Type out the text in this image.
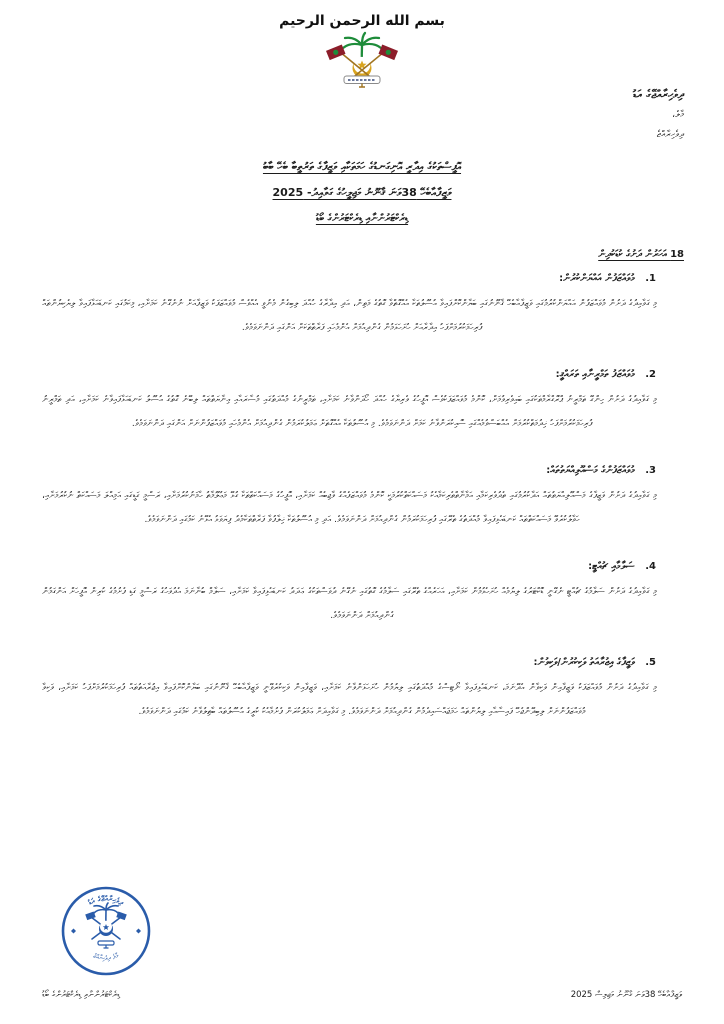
بسم الله الرحمن الرحيم
ދިވެހިރާއްޖޭގެ އަޑު
މާލެ،
ދިވެހިރާއްޖެ
އޮފީސްތަކުގެ އިދާރީ އޮނިގަނޑުގެ ހަމަތަކާއި ވަޒީފާގެ ތަރުތީބާ ބެހޭ ބާބު
ވަޒީފާއާބެހޭ 38ވަނަ ޤާނޫނު މަޖިލީހުގެ ގަވާއިދު- 2025
ޑިރެކްޓަރުންނާއި ޑިރެކްޓަރުންގެ ބޯޑު
18 އަހަރުން ދަށުގެ ކުޑަކުދިން
1. މުވައްޒަފުން އައްޔަންކުރުން:

މި ގަވާއިދުގެ ދަށުން މުވައްޒަފުން އައްޔަންކުރުމުގައި ވަޒީފާއާބެހޭ ޤާނޫނުގައި ބަޔާންކޮށްފައިވާ އުސޫލުތަކާ އެއްގޮތްވާ ގޮތުގެ މަތިން، އަދި އިދާރާގެ ހުއްދަ ލިބިގެން މެނުވީ އެއްވެސް މުވައްޒަފަކު ވަޒީފާއަށް ނުނެގޭނެ ކަމަށާއި، މިކަމުގައި ކަނޑައަޅާފައިވާ ލިޔެކިޔުންތައް ފުރިހަމަކުރުމަށްފަހު އިދާރާއަށް ހުށަހަޅަމުން ގެންދިއުމަށް އެންމެހައި ފަރާތްތަކަށް އަންގައި ދަންނަވަމެވެ.

2. މުވައްޒަފު ތަމްރީނާއި ތަރައްޤީ:

މި ގަވާއިދުގެ ދަށުން ހިންގޭ ތަމްރީނު ޕްރޮގްރާމްތަކުގައި ބައިވެރިވުމަށް، ކޮންމެ މުވައްޒަފަކުވެސް އޮފީހުގެ ވެރިޔާގެ ހުއްދަ ހޯދަންވާނެ ކަމަށާއި، ތަމްރީނުގެ މުއްދަތުގައި މުސާރައާއި ޢިނާޔަތްތައް ލިބޭނެ ގޮތުގެ އުސޫލު ކަނޑައަޅާފައިވާނެ ކަމަށާއި، އަދި ތަމްރީނު ފުރިހަމަކުރުމަށްފަހު ޚިދުމަތްކުރުމަށް އެއްބަސްވުމެއްގައި ސޮއިކުރަންވާނެ ކަމަށް ދަންނަވަމެވެ. މި އުސޫލުތަކާ އެއްގޮތަށް ޢަމަލުކުރަމުން ގެންދިއުމަށް އެންމެހައި މުވައްޒަފުންނަށް އަންގައި ދަންނަވަމެވެ.

3. މުވައްޒަފުންގެ މަސްއޫލިއްޔަތުތައް:

މި ގަވާއިދުގެ ދަށުން ވަޒީފާގެ މަސްއޫލިއްޔަތުތައް އަދާކުރުމުގައި ތެދުވެރިކަމާއި އަމާނާތްތެރިކަމާއެކު މަސައްކަތްކުރުމަކީ ކޮންމެ މުވައްޒަފެއްގެ ވާޖިބެއް ކަމަށާއި، އޮފީހުގެ މަސައްކަތްތަކާ ގުޅޭ މަޢުލޫމާތު ހާމަނުކުރުމަށާއި، ރަސްމީ ގަޑީގައި އަމިއްލަ މަސައްކަތް ނުކުރުމަށާއި، ހަވާލުކުރެވޭ މަސައްކަތްތައް ކަނޑައެޅިފައިވާ މުއްދަތުގެ ތެރޭގައި ފުރިހަމަކުރަމުން ގެންދިއުމަށް ދަންނަވަމެވެ. އަދި މި އުސޫލުތަކާ ޚިލާފުވާ ފަރާތްތަކާމެދު ފިޔަވަޅު އެޅޭނެ ކަމުގައި ދަންނަވަމެވެ.

4. ސަލާމާއި ޗުއްޓީ:

މި ގަވާއިދުގެ ދަށުން ސަލާމުގެ ޗުއްޓީ ނެގޭނީ ޑޮކްޓަރުގެ ލިޔުމެއް ހުށަހެޅުމުން ކަމަށާއި، އަހަރެއްގެ ތެރޭގައި ސަލާމުގެ ގޮތުގައި ނެގޭނެ ދުވަސްތަކުގެ ޢަދަދު ކަނޑައެޅިފައިވާ ކަމަށާއި، ސަލާމް ބުނާނަމަ އެދުވަހުގެ ރަސްމީ ގަޑި ފެށުމުގެ ކުރިން އޮފީހަށް އަންގަމުން ގެންދިއުމަށް ދަންނަވަމެވެ.

5. ވަޒީފާގެ އިޖުރާއަތު ވަކިކުރުން/ވަކިވުން:

މި ގަވާއިދުގެ ދަށުން މުވައްޒަފަކު ވަޒީފާއިން ވަކިވާން އެދޭނަމަ، ކަނޑައެޅިފައިވާ ނޯޓިސްގެ މުއްދަތުގައި ލިޔުމުން ހުށަހަޅަންވާނެ ކަމަށާއި، ވަޒީފާއިން ވަކިކުރެވޭނީ ވަޒީފާއާބެހޭ ޤާނޫނުގައި ބަޔާންކޮށްފައިވާ އިޖުރާއަތުތައް ފުރިހަމަކުރުމަށްފަހު ކަމަށާއި، ވަކިވާ މުވައްޒަފުންނަށް ލިބިދޭންޖެހޭ ފައިސާއާއި ލިޔުންތައް ހަމަޖައްސައިދެމުން ގެންދިއުމަށް ދަންނަވަމެވެ. މި ގަވާއިދަށް ޢަމަލުކުރަން ފެށުމާއެކު ކުރީގެ އުސޫލުތައް ބާޠިލުވާނެ ކަމުގައި ދަންނަވަމެވެ.

ދިވެހިރާއްޖޭގެ އަޑު
މާލެ ދިވެހިރާއްޖެ
ޑިރެކްޓަރުންނާއި ޑިރެކްޓަރުންގެ ބޯޑު	ވަޒީފާއާބެހޭ 38ވަނަ ޤާނޫނު މަޖިލިސް 2025
